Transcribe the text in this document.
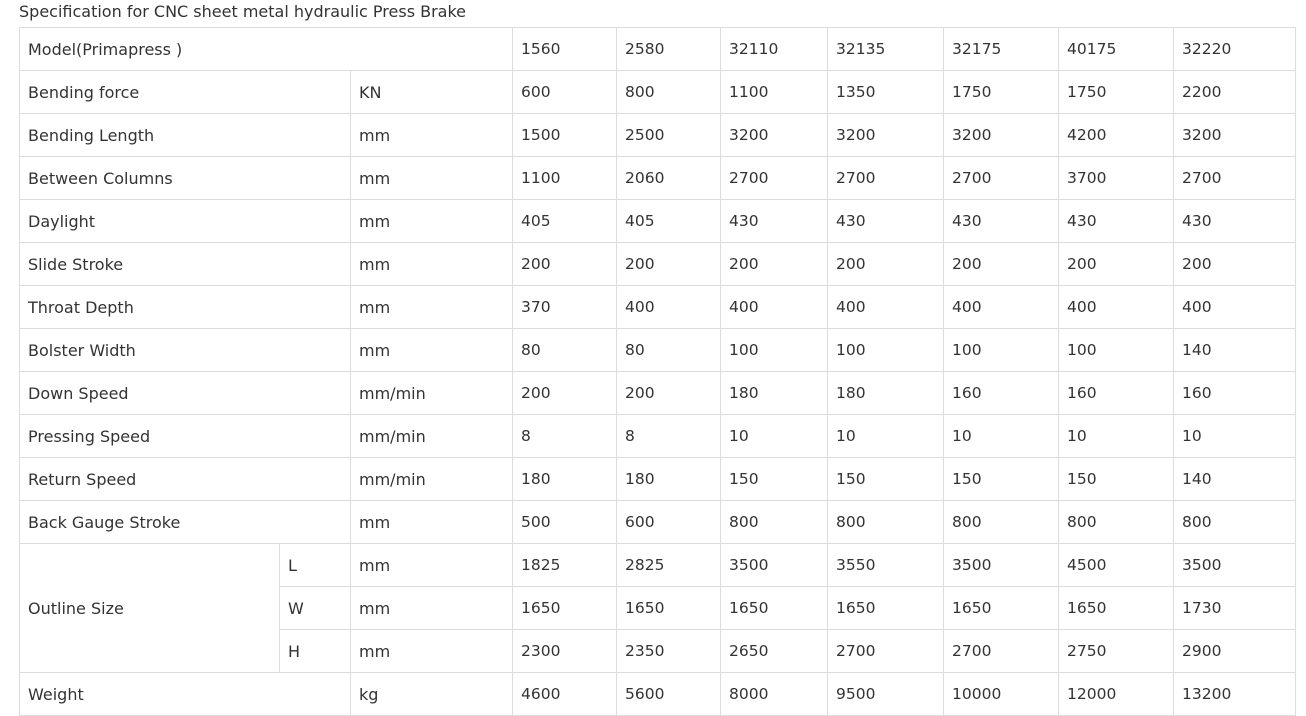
Specification for CNC sheet metal hydraulic Press Brake
Model(Primapress )			1560	2580	32110	32135	32175	40175	32220
Bending force		KN	600	800	1100	1350	1750	1750	2200
Bending Length		mm	1500	2500	3200	3200	3200	4200	3200
Between Columns		mm	1100	2060	2700	2700	2700	3700	2700
Daylight		mm	405	405	430	430	430	430	430
Slide Stroke		mm	200	200	200	200	200	200	200
Throat Depth		mm	370	400	400	400	400	400	400
Bolster Width		mm	80	80	100	100	100	100	140
Down Speed		mm/min	200	200	180	180	160	160	160
Pressing Speed		mm/min	8	8	10	10	10	10	10
Return Speed		mm/min	180	180	150	150	150	150	140
Back Gauge Stroke		mm	500	600	800	800	800	800	800
Outline Size	L	mm	1825	2825	3500	3550	3500	4500	3500
	W	mm	1650	1650	1650	1650	1650	1650	1730
	H	mm	2300	2350	2650	2700	2700	2750	2900
Weight		kg	4600	5600	8000	9500	10000	12000	13200
